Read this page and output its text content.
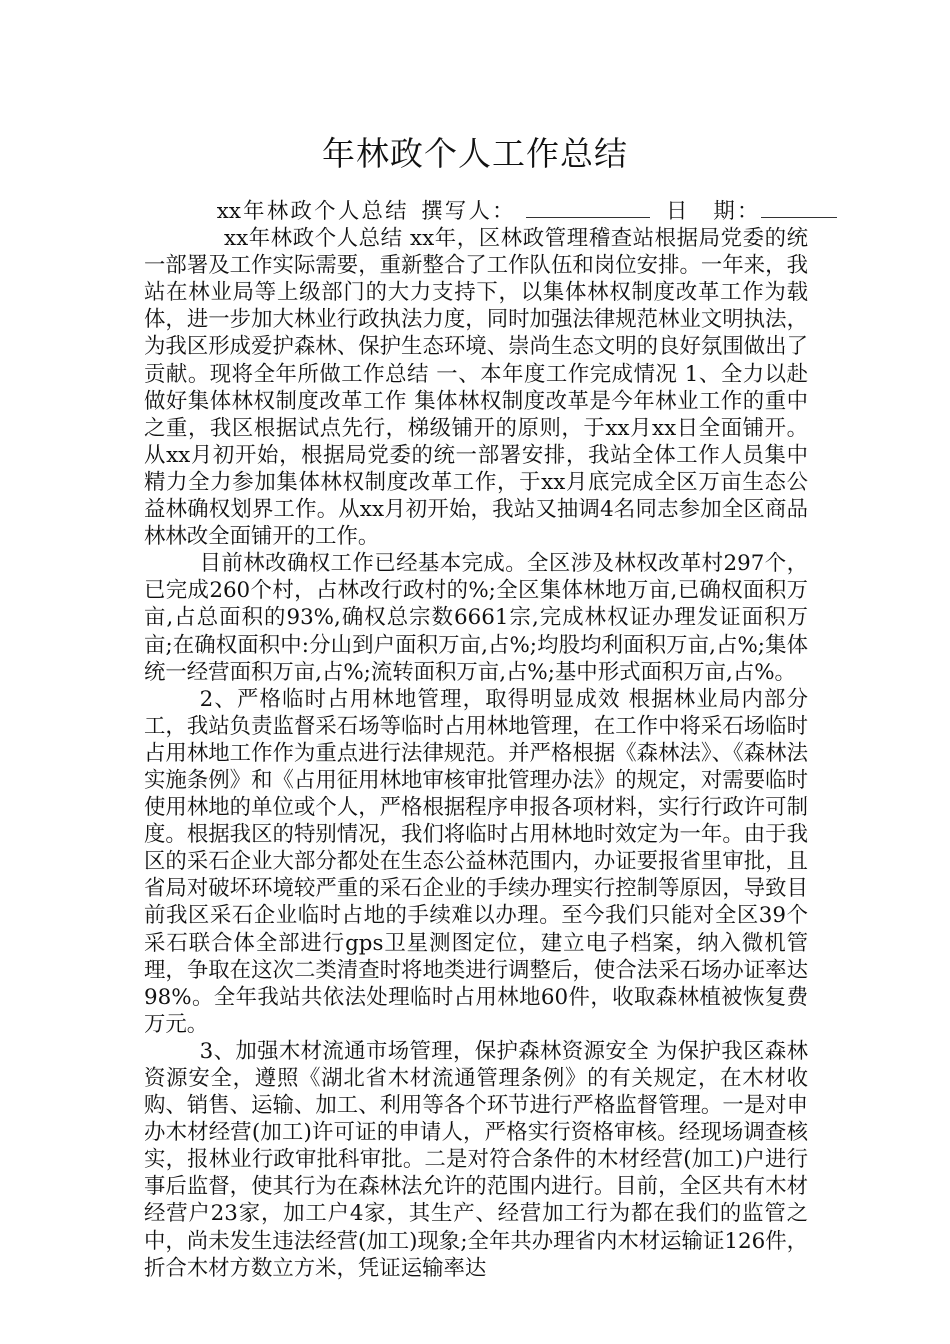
年林政个人工作总结

xx年林政个人总结 撰写人：	日　期：xx年林政个人总结 xx年，区林政管理稽查站根据局党委的统一部署及工作实际需要，重新整合了工作队伍和岗位安排。一年来，我站在林业局等上级部门的大力支持下，以集体林权制度改革工作为载体，进一步加大林业行政执法力度，同时加强法律规范林业文明执法，为我区形成爱护森林、保护生态环境、崇尚生态文明的良好氛围做出了贡献。现将全年所做工作总结 一、本年度工作完成情况 1、全力以赴做好集体林权制度改革工作 集体林权制度改革是今年林业工作的重中之重，我区根据试点先行，梯级铺开的原则，于xx月xx日全面铺开。从xx月初开始，根据局党委的统一部署安排，我站全体工作人员集中精力全力参加集体林权制度改革工作，于xx月底完成全区万亩生态公益林确权划界工作。从xx月初开始，我站又抽调4名同志参加全区商品林林改全面铺开的工作。

目前林改确权工作已经基本完成。全区涉及林权改革村297个，已完成260个村，占林改行政村的%;全区集体林地万亩,已确权面积万亩,占总面积的93%,确权总宗数6661宗,完成林权证办理发证面积万亩;在确权面积中:分山到户面积万亩,占%;均股均利面积万亩,占%;集体统一经营面积万亩,占%;流转面积万亩,占%;基中形式面积万亩,占%。

2、严格临时占用林地管理，取得明显成效 根据林业局内部分工，我站负责监督采石场等临时占用林地管理，在工作中将采石场临时占用林地工作作为重点进行法律规范。并严格根据《森林法》、《森林法实施条例》和《占用征用林地审核审批管理办法》的规定，对需要临时使用林地的单位或个人，严格根据程序申报各项材料，实行行政许可制度。根据我区的特别情况，我们将临时占用林地时效定为一年。由于我区的采石企业大部分都处在生态公益林范围内，办证要报省里审批，且省局对破坏环境较严重的采石企业的手续办理实行控制等原因，导致目前我区采石企业临时占地的手续难以办理。至今我们只能对全区39个采石联合体全部进行gps卫星测图定位，建立电子档案，纳入微机管理，争取在这次二类清查时将地类进行调整后，使合法采石场办证率达98%。全年我站共依法处理临时占用林地60件，收取森林植被恢复费万元。

3、加强木材流通市场管理，保护森林资源安全 为保护我区森林资源安全，遵照《湖北省木材流通管理条例》的有关规定，在木材收购、销售、运输、加工、利用等各个环节进行严格监督管理。一是对申办木材经营(加工)许可证的申请人，严格实行资格审核。经现场调查核实，报林业行政审批科审批。二是对符合条件的木材经营(加工)户进行事后监督，使其行为在森林法允许的范围内进行。目前，全区共有木材经营户23家，加工户4家，其生产、经营加工行为都在我们的监管之中，尚未发生违法经营(加工)现象;全年共办理省内木材运输证126件，折合木材方数立方米，凭证运输率达
